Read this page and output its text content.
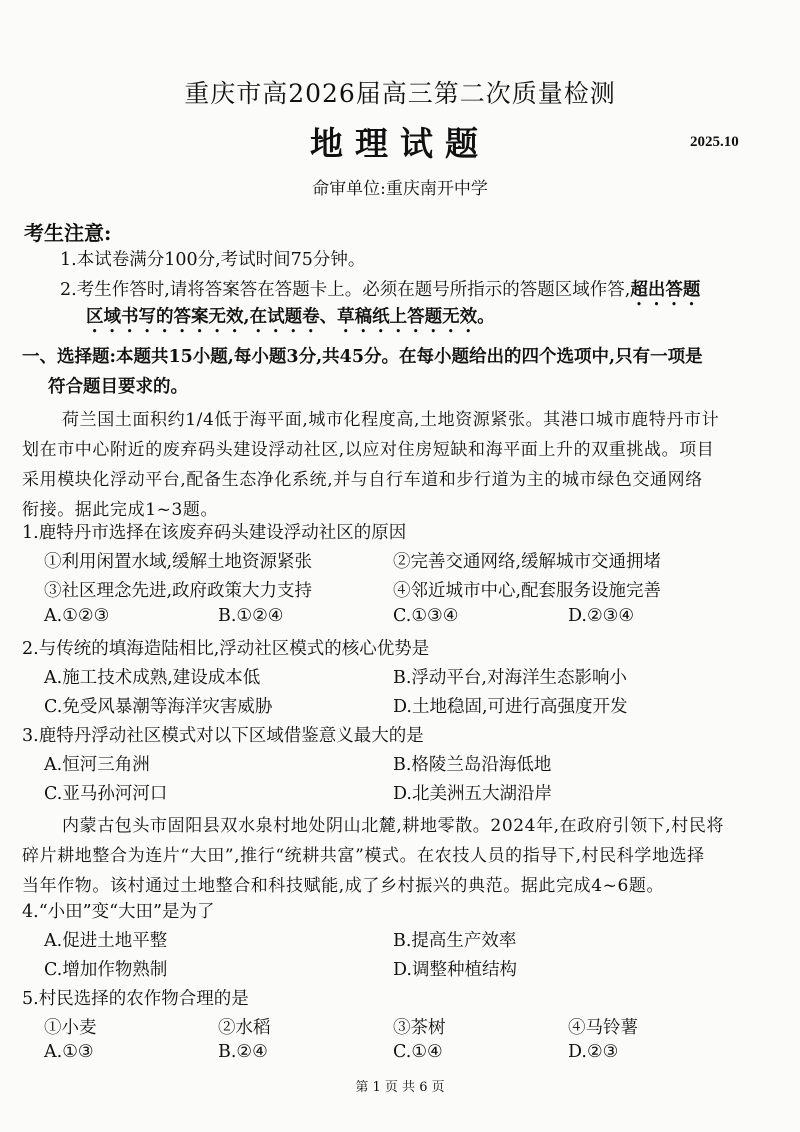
重庆市高2026届高三第二次质量检测
地理试题	2025.10
命审单位:重庆南开中学
考生注意:
1.本试卷满分100分,考试时间75分钟。
2.考生作答时,请将答案答在答题卡上。必须在题号所指示的答题区域作答,超出答题
区域书写的答案无效,在试题卷、草稿纸上答题无效。
一、选择题:本题共15小题,每小题3分,共45分。在每小题给出的四个选项中,只有一项是
符合题目要求的。
荷兰国土面积约1/4低于海平面,城市化程度高,土地资源紧张。其港口城市鹿特丹市计
划在市中心附近的废弃码头建设浮动社区,以应对住房短缺和海平面上升的双重挑战。项目
采用模块化浮动平台,配备生态净化系统,并与自行车道和步行道为主的城市绿色交通网络
衔接。据此完成1~3题。
1.鹿特丹市选择在该废弃码头建设浮动社区的原因
①利用闲置水域,缓解土地资源紧张	②完善交通网络,缓解城市交通拥堵
③社区理念先进,政府政策大力支持	④邻近城市中心,配套服务设施完善
A.①②③	B.①②④	C.①③④	D.②③④
2.与传统的填海造陆相比,浮动社区模式的核心优势是
A.施工技术成熟,建设成本低	B.浮动平台,对海洋生态影响小
C.免受风暴潮等海洋灾害威胁	D.土地稳固,可进行高强度开发
3.鹿特丹浮动社区模式对以下区域借鉴意义最大的是
A.恒河三角洲	B.格陵兰岛沿海低地
C.亚马孙河河口	D.北美洲五大湖沿岸
内蒙古包头市固阳县双水泉村地处阴山北麓,耕地零散。2024年,在政府引领下,村民将
碎片耕地整合为连片“大田”,推行“统耕共富”模式。在农技人员的指导下,村民科学地选择
当年作物。该村通过土地整合和科技赋能,成了乡村振兴的典范。据此完成4~6题。
4.“小田”变“大田”是为了
A.促进土地平整	B.提高生产效率
C.增加作物熟制	D.调整种植结构
5.村民选择的农作物合理的是
①小麦	②水稻	③茶树	④马铃薯
A.①③	B.②④	C.①④	D.②③
第 1 页 共 6 页
